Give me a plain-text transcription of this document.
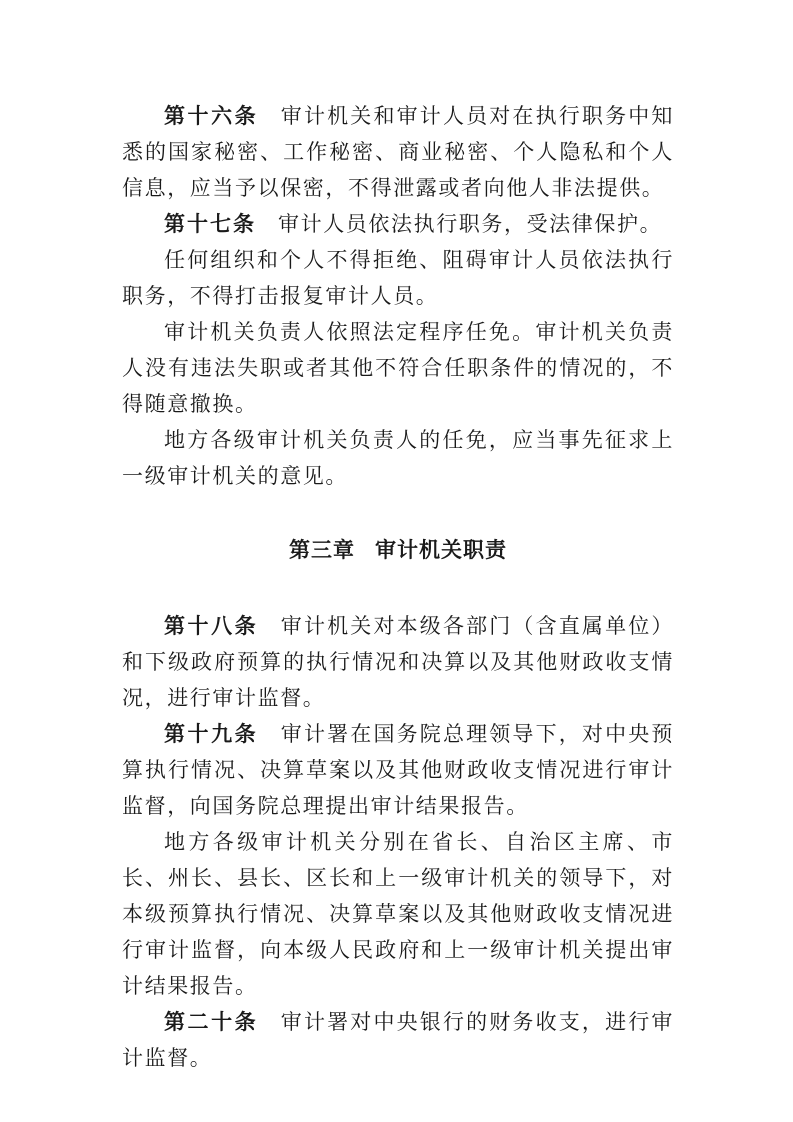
第十六条 审计机关和审计人员对在执行职务中知悉的国家秘密、工作秘密、商业秘密、个人隐私和个人信息，应当予以保密，不得泄露或者向他人非法提供。

第十七条 审计人员依法执行职务，受法律保护。

任何组织和个人不得拒绝、阻碍审计人员依法执行职务，不得打击报复审计人员。

审计机关负责人依照法定程序任免。审计机关负责人没有违法失职或者其他不符合任职条件的情况的，不得随意撤换。

地方各级审计机关负责人的任免，应当事先征求上一级审计机关的意见。

第三章 审计机关职责

第十八条 审计机关对本级各部门（含直属单位）和下级政府预算的执行情况和决算以及其他财政收支情况，进行审计监督。

第十九条 审计署在国务院总理领导下，对中央预算执行情况、决算草案以及其他财政收支情况进行审计监督，向国务院总理提出审计结果报告。

地方各级审计机关分别在省长、自治区主席、市长、州长、县长、区长和上一级审计机关的领导下，对本级预算执行情况、决算草案以及其他财政收支情况进行审计监督，向本级人民政府和上一级审计机关提出审计结果报告。

第二十条 审计署对中央银行的财务收支，进行审计监督。
